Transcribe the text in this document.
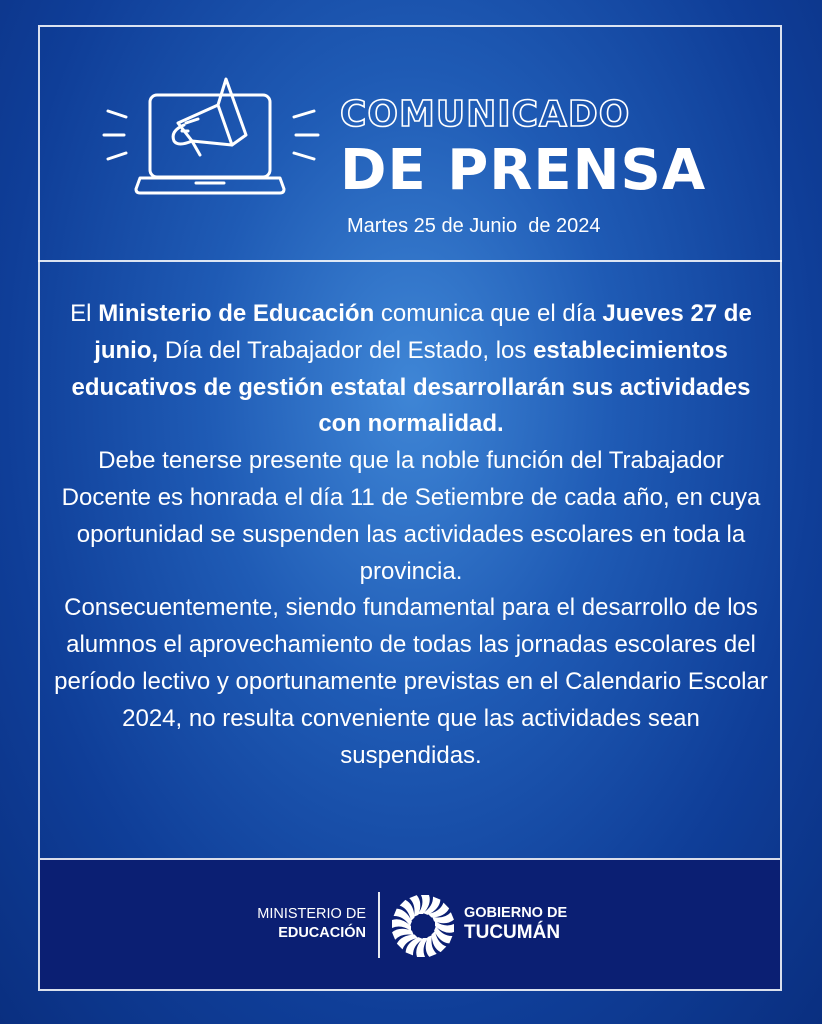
COMUNICADO
DE PRENSA
Martes 25 de Junio  de 2024

El Ministerio de Educación comunica que el día Jueves 27 de junio, Día del Trabajador del Estado, los establecimientos educativos de gestión estatal desarrollarán sus actividades con normalidad.

Debe tenerse presente que la noble función del Trabajador Docente es honrada el día 11 de Setiembre de cada año, en cuya oportunidad se suspenden las actividades escolares en toda la provincia.

Consecuentemente, siendo fundamental para el desarrollo de los alumnos el aprovechamiento de todas las jornadas escolares del período lectivo y oportunamente previstas en el Calendario Escolar 2024, no resulta conveniente que las actividades sean suspendidas.

MINISTERIO DE
EDUCACIÓN
GOBIERNO DE
TUCUMÁN
